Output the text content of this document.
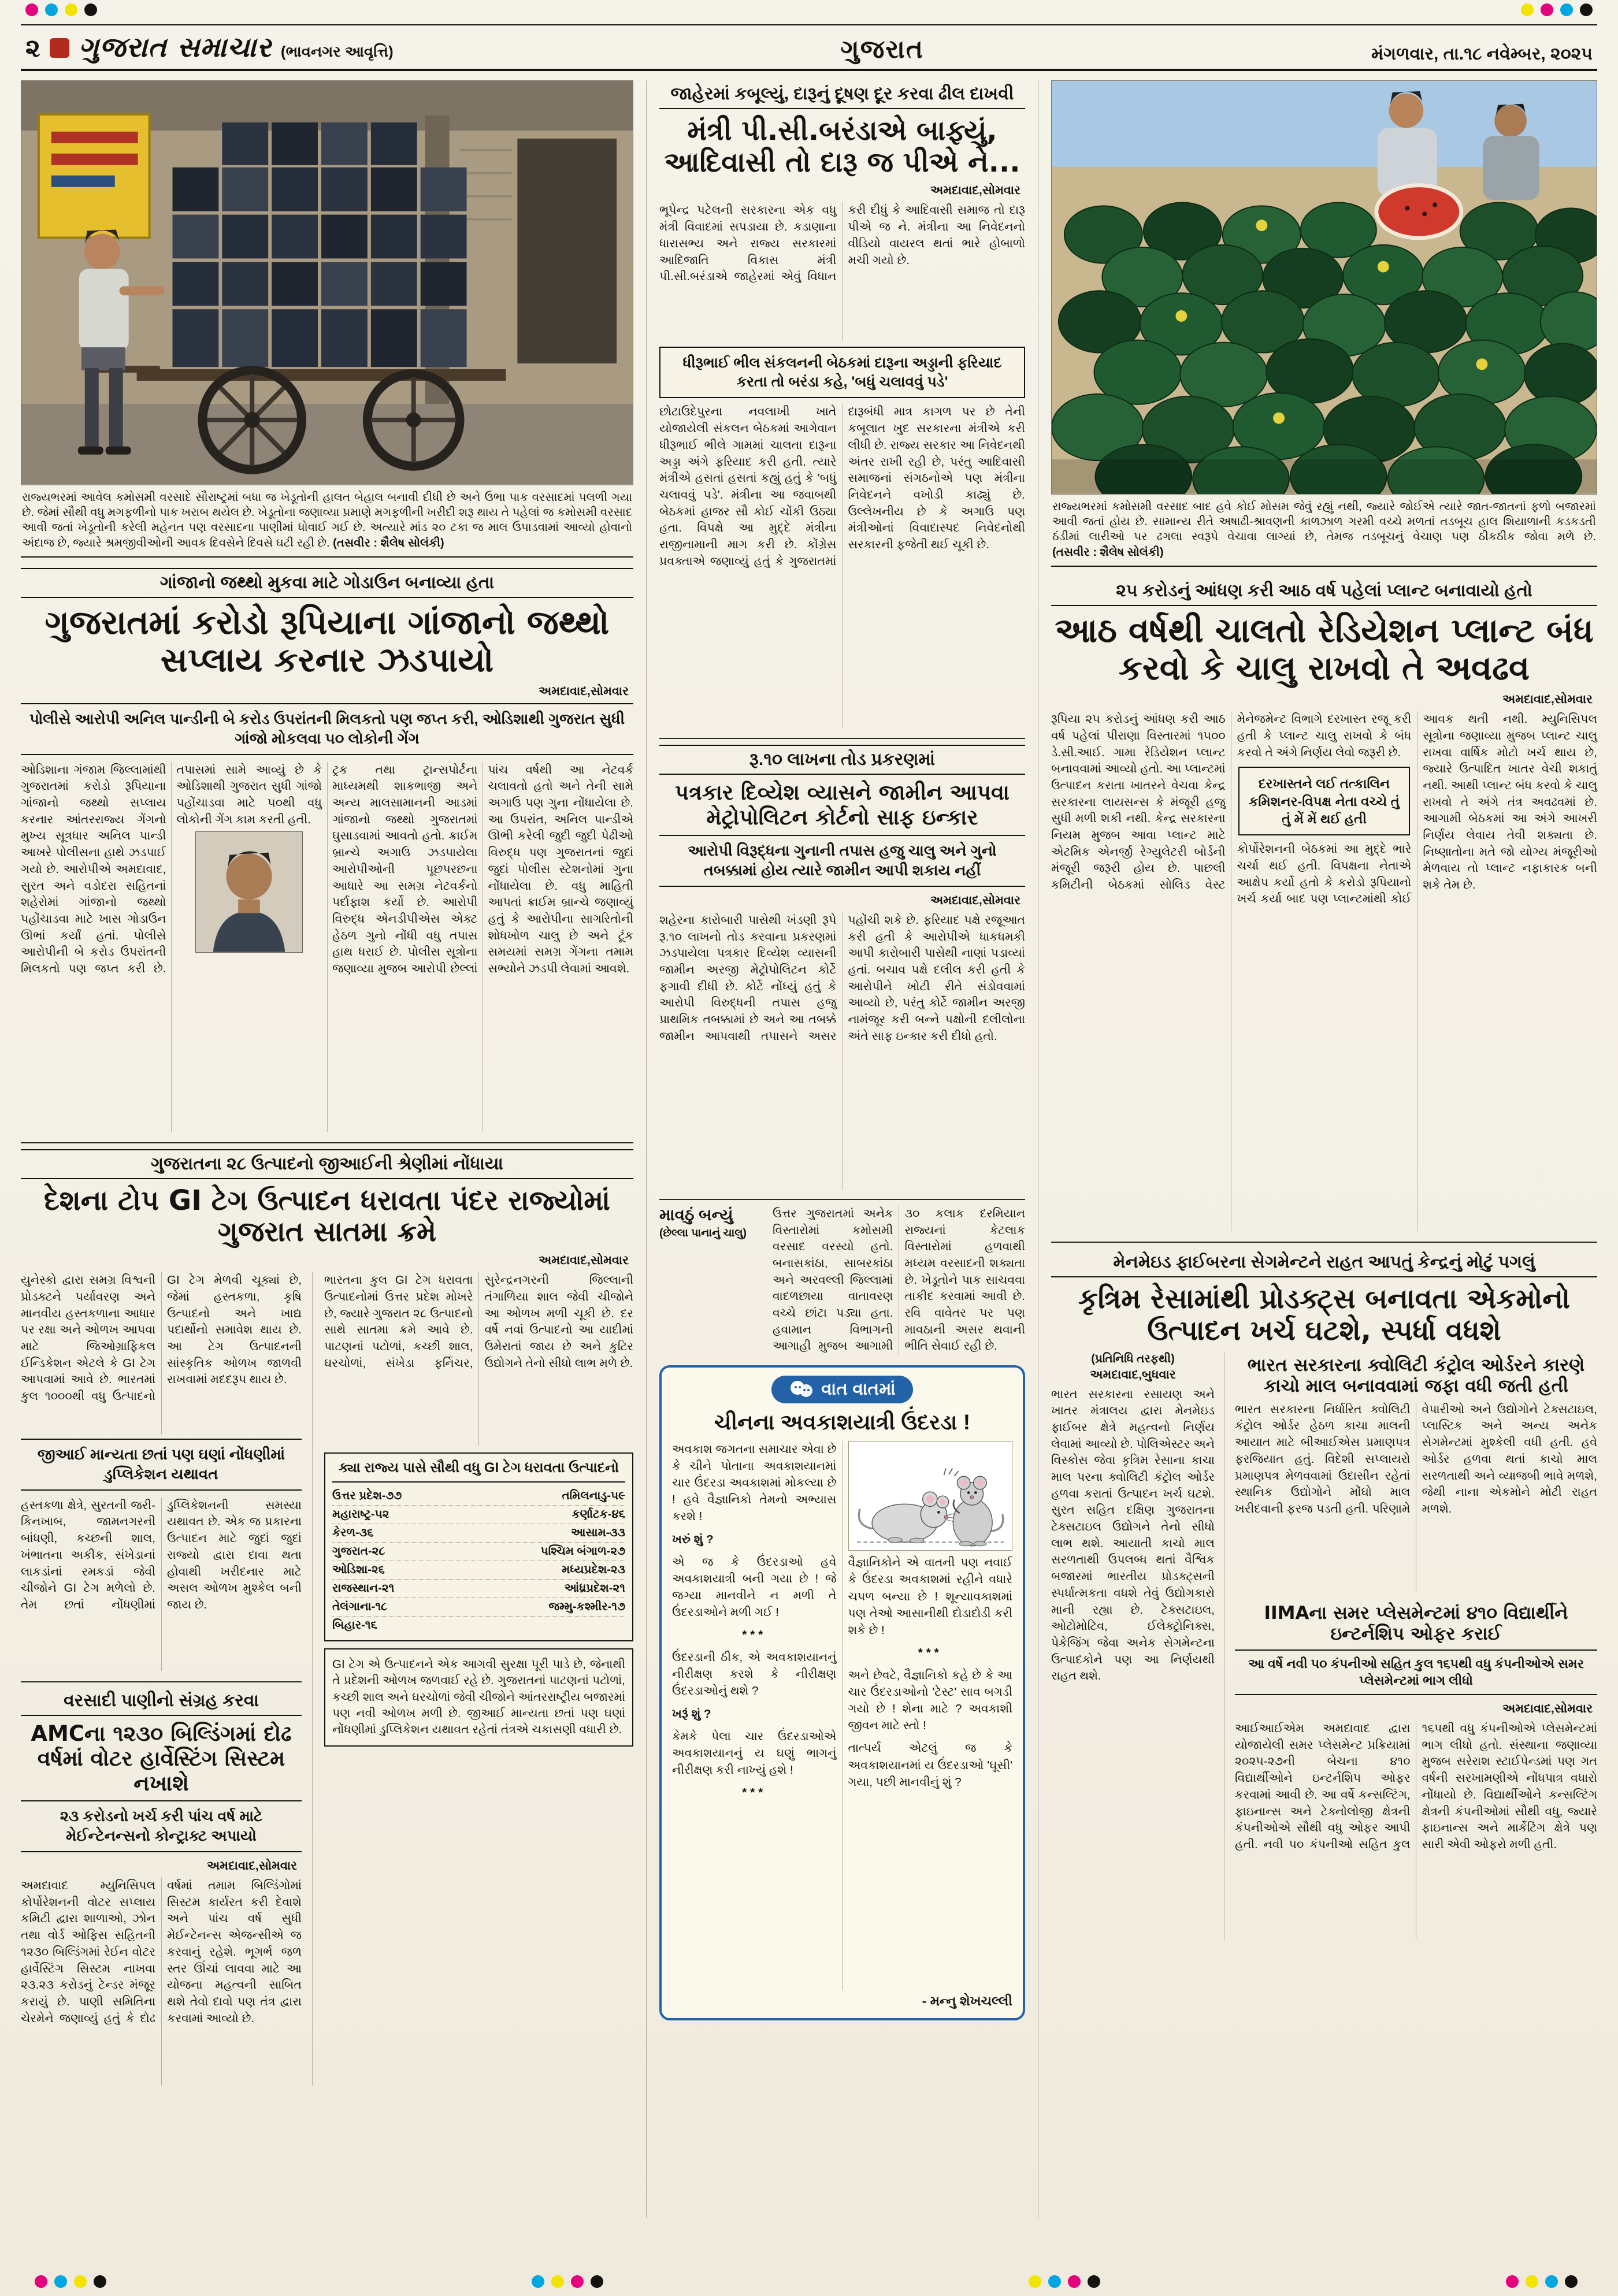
૨ ગુજરાત સમાચાર (ભાવનગર આવૃત્તિ)	ગુજરાત	મંગળવાર, તા.૧૮ નવેમ્બર, ૨૦૨૫
રાજ્યભરમાં આવેલ કમોસમી વરસાદે સૌરાષ્ટ્રમાં બધા જ ખેડૂતોની હાલત બેહાલ બનાવી દીધી છે અને ઉભા પાક વરસાદમાં પલળી ગયા છે. જેમાં સૌથી વધુ મગફળીનો પાક ખરાબ થયેલ છે. ખેડૂતોના જણાવ્યા પ્રમાણે મગફળીની ખરીદી શરૂ થાય તે પહેલાં જ કમોસમી વરસાદ આવી જતાં ખેડૂતોની કરેલી મહેનત પણ વરસાદના પાણીમાં ધોવાઈ ગઈ છે. અત્યારે માંડ ૨૦ ટકા જ માલ ઉપાડવામાં આવ્યો હોવાનો અંદાજ છે, જ્યારે શ્રમજીવીઓની આવક દિવસેને દિવસે ઘટી રહી છે. (તસવીર : શૈલેષ સોલંકી)
ગાંજાનો જથ્થો મુકવા માટે ગોડાઉન બનાવ્યા હતા
ગુજરાતમાં કરોડો રૂપિયાના ગાંજાનો જથ્થો સપ્લાય કરનાર ઝડપાયો
અમદાવાદ,સોમવાર
પોલીસે આરોપી અનિલ પાન્ડીની બે કરોડ ઉપરાંતની મિલકતો પણ જપ્ત કરી, ઓડિશાથી ગુજરાત સુધી ગાંજો મોકલવા ૫૦ લોકોની ગેંગ
ઓડિશાના ગંજામ જિલ્લામાંથી ગુજરાતમાં કરોડો રૂપિયાના ગાંજાનો જથ્થો સપ્લાય કરનાર આંતરરાજ્ય ગેંગનો મુખ્ય સૂત્રધાર અનિલ પાન્ડી આખરે પોલીસના હાથે ઝડપાઈ ગયો છે. આરોપીએ અમદાવાદ, સુરત અને વડોદરા સહિતનાં શહેરોમાં ગાંજાનો જથ્થો પહોંચાડવા માટે ખાસ ગોડાઉન ઊભાં કર્યાં હતાં. પોલીસે આરોપીની બે કરોડ ઉપરાંતની મિલકતો પણ જપ્ત કરી છે. તપાસમાં સામે આવ્યું છે કે ઓડિશાથી ગુજરાત સુધી ગાંજો પહોંચાડવા માટે ૫૦થી વધુ લોકોની ગેંગ કામ કરતી હતી.
ટ્રક તથા ટ્રાન્સપોર્ટના માધ્યમથી શાકભાજી અને અન્ય માલસામાનની આડમાં ગાંજાનો જથ્થો ગુજરાતમાં ઘુસાડવામાં આવતો હતો. ક્રાઈમ બ્રાન્ચે અગાઉ ઝડપાયેલા આરોપીઓની પૂછપરછના આધારે આ સમગ્ર નેટવર્કનો પર્દાફાશ કર્યો છે. આરોપી વિરુદ્ધ એનડીપીએસ એક્ટ હેઠળ ગુનો નોંધી વધુ તપાસ હાથ ધરાઈ છે. પોલીસ સૂત્રોના જણાવ્યા મુજબ આરોપી છેલ્લાં પાંચ વર્ષથી આ નેટવર્ક ચલાવતો હતો અને તેની સામે અગાઉ પણ ગુના નોંધાયેલા છે. આ ઉપરાંત, અનિલ પાન્ડીએ ઊભી કરેલી જુદી જુદી પેઢીઓ વિરુદ્ધ પણ ગુજરાતનાં જુદાં જુદાં પોલીસ સ્ટેશનોમાં ગુના નોંધાયેલા છે. વધુ માહિતી આપતાં ક્રાઈમ બ્રાન્ચે જણાવ્યું હતું કે આરોપીના સાગરિતોની શોધખોળ ચાલુ છે અને ટૂંક સમયમાં સમગ્ર ગેંગના તમામ સભ્યોને ઝડપી લેવામાં આવશે.
ગુજરાતના ૨૮ ઉત્પાદનો જીઆઈની શ્રેણીમાં નોંધાયા
દેશના ટોપ GI ટેગ ઉત્પાદન ધરાવતા પંદર રાજ્યોમાં ગુજરાત સાતમા ક્રમે
અમદાવાદ,સોમવાર
યુનેસ્કો દ્વારા સમગ્ર વિશ્વની પ્રોડક્ટને પર્યાવરણ અને માનવીય હસ્તકળાના આધાર પર રક્ષા અને ઓળખ આપવા માટે જિઓગ્રાફિકલ ઈન્ડિકેશન એટલે કે GI ટેગ આપવામાં આવે છે. ભારતમાં કુલ ૧૦૦૦થી વધુ ઉત્પાદનો GI ટેગ મેળવી ચૂક્યાં છે, જેમાં હસ્તકળા, કૃષિ ઉત્પાદનો અને ખાદ્ય પદાર્થોનો સમાવેશ થાય છે. આ ટેગ ઉત્પાદનની સાંસ્કૃતિક ઓળખ જાળવી રાખવામાં મદદરૂપ થાય છે.
જીઆઈ માન્યતા છતાં પણ ઘણાં નોંધણીમાં ડુપ્લિકેશન યથાવત
હસ્તકળા ક્ષેત્રે, સુરતની જરી-કિનખાબ, જામનગરની બાંધણી, કચ્છની શાલ, ખંભાતના અકીક, સંખેડાનાં લાકડાંનાં રમકડાં જેવી ચીજોને GI ટેગ મળેલો છે. તેમ છતાં નોંધણીમાં ડુપ્લિકેશનની સમસ્યા યથાવત છે. એક જ પ્રકારના ઉત્પાદન માટે જુદાં જુદાં રાજ્યો દ્વારા દાવા થતા હોવાથી ખરીદનાર માટે અસલ ઓળખ મુશ્કેલ બની જાય છે.
વરસાદી પાણીનો સંગ્રહ કરવા
AMCના ૧૨૩૦ બિલ્ડિંગમાં દોઢ વર્ષમાં વોટર હાર્વેસ્ટિંગ સિસ્ટમ નખાશે
૨૩ કરોડનો ખર્ચ કરી પાંચ વર્ષ માટે મેઈન્ટેનન્સનો કોન્ટ્રાક્ટ અપાયો
અમદાવાદ,સોમવાર
અમદાવાદ મ્યુનિસિપલ કોર્પોરેશનની વોટર સપ્લાય કમિટી દ્વારા શાળાઓ, ઝોન તથા વોર્ડ ઓફિસ સહિતની ૧૨૩૦ બિલ્ડિંગમાં રેઈન વોટર હાર્વેસ્ટિંગ સિસ્ટમ નાખવા ૨૩.૨૩ કરોડનું ટેન્ડર મંજૂર કરાયું છે. પાણી સમિતિના ચેરમેને જણાવ્યું હતું કે દોઢ વર્ષમાં તમામ બિલ્ડિંગોમાં સિસ્ટમ કાર્યરત કરી દેવાશે અને પાંચ વર્ષ સુધી મેઈન્ટેનન્સ એજન્સીએ જ કરવાનું રહેશે. ભૂગર્ભ જળ સ્તર ઊંચાં લાવવા માટે આ યોજના મહત્વની સાબિત થશે તેવો દાવો પણ તંત્ર દ્વારા કરવામાં આવ્યો છે.
ભારતના કુલ GI ટેગ ધરાવતા ઉત્પાદનોમાં ઉત્તર પ્રદેશ મોખરે છે, જ્યારે ગુજરાત ૨૮ ઉત્પાદનો સાથે સાતમા ક્રમે આવે છે. પાટણનાં પટોળાં, કચ્છી શાલ, ઘરચોળાં, સંખેડા ફર્નિચર, સુરેન્દ્રનગરની જિલ્લાની તંગાળિયા શાલ જેવી ચીજોને આ ઓળખ મળી ચૂકી છે. દર વર્ષે નવાં ઉત્પાદનો આ યાદીમાં ઉમેરાતાં જાય છે અને કુટિર ઉદ્યોગને તેનો સીધો લાભ મળે છે.
ક્યા રાજ્ય પાસે સૌથી વધુ GI ટેગ ધરાવતા ઉત્પાદનો
ઉત્તર પ્રદેશ-૭૭	તમિલનાડુ-૫૯
મહારાષ્ટ્ર-૫૨	કર્ણાટક-૪૬
કેરળ-૩૬	આસામ-૩૩
ગુજરાત-૨૮	પશ્ચિમ બંગાળ-૨૭
ઓડિશા-૨૬	મધ્યપ્રદેશ-૨૩
રાજસ્થાન-૨૧	આંધ્રપ્રદેશ-૨૧
તેલંગાના-૧૮	જમ્મુ-કશ્મીર-૧૭
બિહાર-૧૬
GI ટેગ એ ઉત્પાદનને એક આગવી સુરક્ષા પૂરી પાડે છે, જેનાથી તે પ્રદેશની ઓળખ જળવાઈ રહે છે. ગુજરાતનાં પાટણનાં પટોળાં, કચ્છી શાલ અને ઘરચોળાં જેવી ચીજોને આંતરરાષ્ટ્રીય બજારમાં પણ નવી ઓળખ મળી છે. જીઆઈ માન્યતા છતાં પણ ઘણાં નોંધણીમાં ડુપ્લિકેશન યથાવત રહેતાં તંત્રએ ચકાસણી વધારી છે.
જાહેરમાં કબૂલ્યું, દારૂનું દૂષણ દૂર કરવા ઢીલ દાખવી
મંત્રી પી.સી.બરંડાએ બાફ્યું, આદિવાસી તો દારૂ જ પીએ ને...
અમદાવાદ,સોમવાર
ભૂપેન્દ્ર પટેલની સરકારના એક વધુ મંત્રી વિવાદમાં સપડાયા છે. કડાણાના ધારાસભ્ય અને રાજ્ય સરકારમાં આદિજાતિ વિકાસ મંત્રી પી.સી.બરંડાએ જાહેરમાં એવું વિધાન કરી દીધું કે આદિવાસી સમાજ તો દારૂ પીએ જ ને. મંત્રીના આ નિવેદનનો વીડિયો વાયરલ થતાં ભારે હોબાળો મચી ગયો છે.
ધીરૂભાઈ ભીલ સંકલનની બેઠકમાં દારૂના અડ્ડાની ફરિયાદ કરતા તો બરંડા કહે, 'બધું ચલાવવું પડે'
છોટાઉદેપુરના નવલાખી ખાતે યોજાયેલી સંકલન બેઠકમાં આગેવાન ધીરૂભાઈ ભીલે ગામમાં ચાલતા દારૂના અડ્ડા અંગે ફરિયાદ કરી હતી. ત્યારે મંત્રીએ હસતાં હસતાં કહ્યું હતું કે 'બધું ચલાવવું પડે'. મંત્રીના આ જવાબથી બેઠકમાં હાજર સૌ કોઈ ચોંકી ઉઠ્યા હતા. વિપક્ષે આ મુદ્દે મંત્રીના રાજીનામાની માગ કરી છે. કોંગ્રેસ પ્રવક્તાએ જણાવ્યું હતું કે ગુજરાતમાં દારૂબંધી માત્ર કાગળ પર છે તેની કબૂલાત ખુદ સરકારના મંત્રીએ કરી લીધી છે. રાજ્ય સરકાર આ નિવેદનથી અંતર રાખી રહી છે, પરંતુ આદિવાસી સમાજનાં સંગઠનોએ પણ મંત્રીના નિવેદનને વખોડી કાઢ્યું છે. ઉલ્લેખનીય છે કે અગાઉ પણ મંત્રીઓનાં વિવાદાસ્પદ નિવેદનોથી સરકારની ફજેતી થઈ ચૂકી છે.
રૂ.૧૦ લાખના તોડ પ્રકરણમાં
પત્રકાર દિવ્યેશ વ્યાસને જામીન આપવા મેટ્રોપોલિટન કોર્ટનો સાફ ઇન્કાર
આરોપી વિરૂદ્ધના ગુનાની તપાસ હજુ ચાલુ અને ગુનો તબક્કામાં હોય ત્યારે જામીન આપી શકાય નહીં
અમદાવાદ,સોમવાર
શહેરના કારોબારી પાસેથી ખંડણી રૂપે રૂ.૧૦ લાખનો તોડ કરવાના પ્રકરણમાં ઝડપાયેલા પત્રકાર દિવ્યેશ વ્યાસની જામીન અરજી મેટ્રોપોલિટન કોર્ટે ફગાવી દીધી છે. કોર્ટે નોંધ્યું હતું કે આરોપી વિરુદ્ધની તપાસ હજુ પ્રાથમિક તબક્કામાં છે અને આ તબક્કે જામીન આપવાથી તપાસને અસર પહોંચી શકે છે. ફરિયાદ પક્ષે રજૂઆત કરી હતી કે આરોપીએ ધાકધમકી આપી કારોબારી પાસેથી નાણાં પડાવ્યાં હતાં. બચાવ પક્ષે દલીલ કરી હતી કે આરોપીને ખોટી રીતે સંડોવવામાં આવ્યો છે, પરંતુ કોર્ટે જામીન અરજી નામંજૂર કરી બન્ને પક્ષોની દલીલોના અંતે સાફ ઇન્કાર કરી દીધો હતો.
માવઠું બન્યું
(છેલ્લા પાનાનું ચાલુ)
ઉત્તર ગુજરાતમાં અનેક વિસ્તારોમાં કમોસમી વરસાદ વરસ્યો હતો. બનાસકાંઠા, સાબરકાંઠા અને અરવલ્લી જિલ્લામાં વાદળછાયા વાતાવરણ વચ્ચે છાંટા પડ્યા હતા. હવામાન વિભાગની આગાહી મુજબ આગામી ૩૦ કલાક દરમિયાન રાજ્યનાં કેટલાક વિસ્તારોમાં હળવાથી મધ્યમ વરસાદની શક્યતા છે. ખેડૂતોને પાક સાચવવા તાકીદ કરવામાં આવી છે. રવિ વાવેતર પર પણ માવઠાની અસર થવાની ભીતિ સેવાઈ રહી છે.
વાત વાતમાં
ચીનના અવકાશયાત્રી ઉંદરડા !

અવકાશ જગતના સમાચાર એવા છે કે ચીને પોતાના અવકાશયાનમાં ચાર ઉંદરડા અવકાશમાં મોકલ્યા છે ! હવે વૈજ્ઞાનિકો તેમનો અભ્યાસ કરશે !

ખરું શું ?

એ જ કે ઉંદરડાઓ હવે અવકાશયાત્રી બની ગયા છે ! જે જગ્યા માનવીને ન મળી તે ઉંદરડાઓને મળી ગઈ !

***

ઉંદરડાની ઠીક, એ અવકાશયાનનું નીરીક્ષણ કરશે કે નીરીક્ષણ ઉંદરડાઓનું થશે ?

ખરૂં શું ?

કેમકે પેલા ચાર ઉંદરડાઓએ અવકાશયાનનું ય ઘણું ભાગનું નીરીક્ષણ કરી નાખ્યું હશે !

***

વૈજ્ઞાનિકોને એ વાતની પણ નવાઈ કે ઉંદરડા અવકાશમાં રહીને વધારે ચપળ બન્યા છે ! શૂન્યાવકાશમાં પણ તેઓ આસાનીથી દોડાદોડી કરી શકે છે !

***

અને છેવટે, વૈજ્ઞાનિકો કહે છે કે આ ચાર ઉંદરડાઓનો 'ટેસ્ટ' સાવ બગડી ગયો છે ! શેના માટે ? અવકાશી જીવન માટે સ્તો !

તાત્પર્ય એટલું જ કે અવકાશયાનમાં ય ઉંદરડાઓ 'ઘૂસી' ગયા, પછી માનવીનું શું ?

- મન્નુ શેખચલ્લી
રાજ્યભરમાં કમોસમી વરસાદ બાદ હવે કોઈ મોસમ જેવું રહ્યું નથી, જ્યારે જોઈએ ત્યારે જાત-જાતનાં ફળો બજારમાં આવી જતાં હોય છે. સામાન્ય રીતે અષાઢી-શ્રાવણની કાળઝાળ ગરમી વચ્ચે મળતાં તડબૂચ હાલ શિયાળાની કડકડતી ઠંડીમાં લારીઓ પર ઢગલા સ્વરૂપે વેચાવા લાગ્યાં છે, તેમજ તડબૂચનું વેચાણ પણ ઠીકઠીક જોવા મળે છે. (તસવીર : શૈલેષ સોલંકી)
૨૫ કરોડનું આંધણ કરી આઠ વર્ષ પહેલાં પ્લાન્ટ બનાવાયો હતો
આઠ વર્ષથી ચાલતો રેડિયેશન પ્લાન્ટ બંધ કરવો કે ચાલુ રાખવો તે અવઢવ
અમદાવાદ,સોમવાર
રૂપિયા ૨૫ કરોડનું આંધણ કરી આઠ વર્ષ પહેલાં પીરાણા વિસ્તારમાં ૧૫૦૦ ડે.સી.આઈ. ગામા રેડિયેશન પ્લાન્ટ બનાવવામાં આવ્યો હતો. આ પ્લાન્ટમાં ઉત્પાદન કરાતા ખાતરને વેચવા કેન્દ્ર સરકારના લાયસન્સ કે મંજૂરી હજુ સુધી મળી શકી નથી. કેન્દ્ર સરકારના નિયમ મુજબ આવા પ્લાન્ટ માટે એટમિક એનર્જી રેગ્યુલેટરી બોર્ડની મંજૂરી જરૂરી હોય છે. પાછલી કમિટીની બેઠકમાં સોલિડ વેસ્ટ મેનેજમેન્ટ વિભાગે દરખાસ્ત રજૂ કરી હતી કે પ્લાન્ટ ચાલુ રાખવો કે બંધ કરવો તે અંગે નિર્ણય લેવો જરૂરી છે.
દરખાસ્તને લઈ તત્કાલિન કમિશનર-વિપક્ષ નેતા વચ્ચે તું તું મેં મેં થઈ હતી
કોર્પોરેશનની બેઠકમાં આ મુદ્દે ભારે ચર્ચા થઈ હતી. વિપક્ષના નેતાએ આક્ષેપ કર્યો હતો કે કરોડો રૂપિયાનો ખર્ચ કર્યા બાદ પણ પ્લાન્ટમાંથી કોઈ આવક થતી નથી. મ્યુનિસિપલ સૂત્રોના જણાવ્યા મુજબ પ્લાન્ટ ચાલુ રાખવા વાર્ષિક મોટો ખર્ચ થાય છે, જ્યારે ઉત્પાદિત ખાતર વેચી શકાતું નથી. આથી પ્લાન્ટ બંધ કરવો કે ચાલુ રાખવો તે અંગે તંત્ર અવઢવમાં છે. આગામી બેઠકમાં આ અંગે આખરી નિર્ણય લેવાય તેવી શક્યતા છે. નિષ્ણાતોના મતે જો યોગ્ય મંજૂરીઓ મેળવાય તો પ્લાન્ટ નફાકારક બની શકે તેમ છે.
મેનમેઇડ ફાઈબરના સેગમેન્ટને રાહત આપતું કેન્દ્રનું મોટું પગલું
કૃત્રિમ રેસામાંથી પ્રોડક્ટ્સ બનાવતા એકમોનો ઉત્પાદન ખર્ચ ઘટશે, સ્પર્ધા વધશે
(પ્રતિનિધિ તરફથી)
અમદાવાદ,બુધવાર
ભારત સરકારના રસાયણ અને ખાતર મંત્રાલય દ્વારા મેનમેઇડ ફાઈબર ક્ષેત્રે મહત્વનો નિર્ણય લેવામાં આવ્યો છે. પોલિએસ્ટર અને વિસ્કોસ જેવા કૃત્રિમ રેસાના કાચા માલ પરના ક્વોલિટી કંટ્રોલ ઓર્ડર હળવા કરાતાં ઉત્પાદન ખર્ચ ઘટશે. સુરત સહિત દક્ષિણ ગુજરાતના ટેક્સટાઇલ ઉદ્યોગને તેનો સીધો લાભ થશે. આયાતી કાચો માલ સરળતાથી ઉપલબ્ધ થતાં વૈશ્વિક બજારમાં ભારતીય પ્રોડક્ટ્સની સ્પર્ધાત્મકતા વધશે તેવું ઉદ્યોગકારો માની રહ્યા છે. ટેક્સટાઇલ, ઓટોમોટિવ, ઈલેક્ટ્રોનિક્સ, પેકેજિંગ જેવા અનેક સેગમેન્ટના ઉત્પાદકોને પણ આ નિર્ણયથી રાહત થશે.
ભારત સરકારના ક્વોલિટી કંટ્રોલ ઓર્ડરને કારણે કાચો માલ બનાવવામાં જફા વધી જતી હતી
ભારત સરકારના નિર્ધારિત ક્વોલિટી કંટ્રોલ ઓર્ડર હેઠળ કાચા માલની આયાત માટે બીઆઈએસ પ્રમાણપત્ર ફરજિયાત હતું. વિદેશી સપ્લાયરો પ્રમાણપત્ર મેળવવામાં ઉદાસીન રહેતાં સ્થાનિક ઉદ્યોગોને મોંઘો માલ ખરીદવાની ફરજ પડતી હતી. પરિણામે વેપારીઓ અને ઉદ્યોગોને ટેક્સટાઇલ, પ્લાસ્ટિક અને અન્ય અનેક સેગમેન્ટમાં મુશ્કેલી વધી હતી. હવે ઓર્ડર હળવા થતાં કાચો માલ સરળતાથી અને વ્યાજબી ભાવે મળશે, જેથી નાના એકમોને મોટી રાહત મળશે.
IIMAના સમર પ્લેસમેન્ટમાં ૪૧૦ વિદ્યાર્થીને ઇન્ટર્નશિપ ઓફર કરાઈ
આ વર્ષે નવી ૫૦ કંપનીઓ સહિત કુલ ૧૬૫થી વધુ કંપનીઓએ સમર પ્લેસમેન્ટમાં ભાગ લીધો
અમદાવાદ,સોમવાર
આઈઆઈએમ અમદાવાદ દ્વારા યોજાયેલી સમર પ્લેસમેન્ટ પ્રક્રિયામાં ૨૦૨૫-૨૭ની બેચના ૪૧૦ વિદ્યાર્થીઓને ઇન્ટર્નશિપ ઓફર કરવામાં આવી છે. આ વર્ષે કન્સલ્ટિંગ, ફાઇનાન્સ અને ટેક્નોલોજી ક્ષેત્રની કંપનીઓએ સૌથી વધુ ઓફર આપી હતી. નવી ૫૦ કંપનીઓ સહિત કુલ ૧૬૫થી વધુ કંપનીઓએ પ્લેસમેન્ટમાં ભાગ લીધો હતો. સંસ્થાના જણાવ્યા મુજબ સરેરાશ સ્ટાઈપેન્ડમાં પણ ગત વર્ષની સરખામણીએ નોંધપાત્ર વધારો નોંધાયો છે. વિદ્યાર્થીઓને કન્સલ્ટિંગ ક્ષેત્રની કંપનીઓમાં સૌથી વધુ, જ્યારે ફાઇનાન્સ અને માર્કેટિંગ ક્ષેત્રે પણ સારી એવી ઓફરો મળી હતી.
